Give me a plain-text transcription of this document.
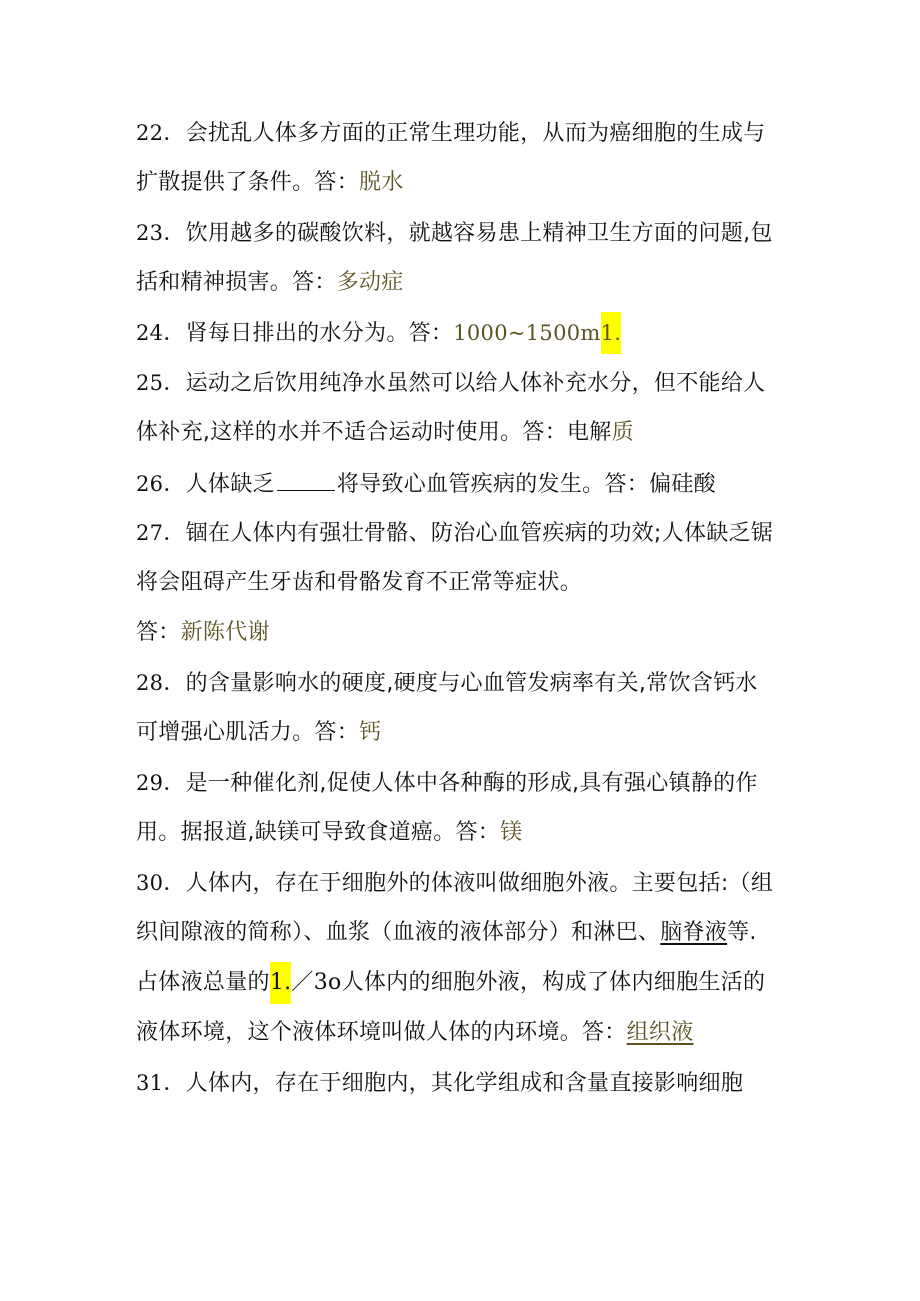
22．会扰乱人体多方面的正常生理功能，从而为癌细胞的生成与
扩散提供了条件。答：脱水
23．饮用越多的碳酸饮料，就越容易患上精神卫生方面的问题,包
括和精神损害。答：多动症
24．肾每日排出的水分为。答：1000~1500m1.
25．运动之后饮用纯净水虽然可以给人体补充水分，但不能给人
体补充,这样的水并不适合运动时使用。答：电解质
26．人体缺乏	将导致心血管疾病的发生。答：偏硅酸
27．锢在人体内有强壮骨骼、防治心血管疾病的功效;人体缺乏锯
将会阻碍产生牙齿和骨骼发育不正常等症状。
答：新陈代谢
28．的含量影响水的硬度,硬度与心血管发病率有关,常饮含钙水
可增强心肌活力。答：钙
29．是一种催化剂,促使人体中各种酶的形成,具有强心镇静的作
用。据报道,缺镁可导致食道癌。答：镁
30．人体内，存在于细胞外的体液叫做细胞外液。主要包括:（组
织间隙液的简称）、血浆（血液的液体部分）和淋巴、脑脊液等.
占体液总量的1.／3o人体内的细胞外液，构成了体内细胞生活的
液体环境，这个液体环境叫做人体的内环境。答：组织液
31．人体内，存在于细胞内，其化学组成和含量直接影响细胞
